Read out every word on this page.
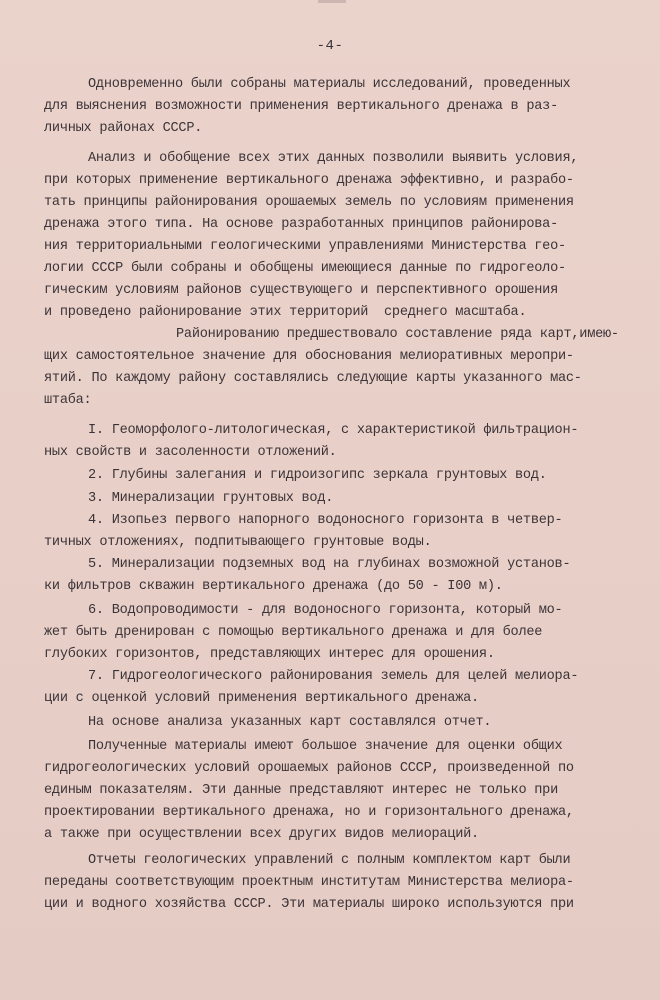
-4-
Одновременно были собраны материалы исследований, проведенных
для выяснения возможности применения вертикального дренажа в раз-
личных районах СССР.
Анализ и обобщение всех этих данных позволили выявить условия,
при которых применение вертикального дренажа эффективно, и разрабо-
тать принципы районирования орошаемых земель по условиям применения
дренажа этого типа. На основе разработанных принципов районирова-
ния территориальными геологическими управлениями Министерства гео-
логии СССР были собраны и обобщены имеющиеся данные по гидрогеоло-
гическим условиям районов существующего и перспективного орошения
и проведено районирование этих территорий  среднего масштаба.
Районированию предшествовало составление ряда карт,имею-
щих самостоятельное значение для обоснования мелиоративных меропри-
ятий. По каждому району составлялись следующие карты указанного мас-
штаба:
I. Геоморфолого-литологическая, с характеристикой фильтрацион-
ных свойств и засоленности отложений.
2. Глубины залегания и гидроизогипс зеркала грунтовых вод.
3. Минерализации грунтовых вод.
4. Изопьез первого напорного водоносного горизонта в четвер-
тичных отложениях, подпитывающего грунтовые воды.
5. Минерализации подземных вод на глубинах возможной установ-
ки фильтров скважин вертикального дренажа (до 50 - I00 м).
6. Водопроводимости - для водоносного горизонта, который мо-
жет быть дренирован с помощью вертикального дренажа и для более
глубоких горизонтов, представляющих интерес для орошения.
7. Гидрогеологического районирования земель для целей мелиора-
ции с оценкой условий применения вертикального дренажа.
На основе анализа указанных карт составлялся отчет.
Полученные материалы имеют большое значение для оценки общих
гидрогеологических условий орошаемых районов СССР, произведенной по
единым показателям. Эти данные представляют интерес не только при
проектировании вертикального дренажа, но и горизонтального дренажа,
а также при осуществлении всех других видов мелиораций.
Отчеты геологических управлений с полным комплектом карт были
переданы соответствующим проектным институтам Министерства мелиора-
ции и водного хозяйства СССР. Эти материалы широко используются при
